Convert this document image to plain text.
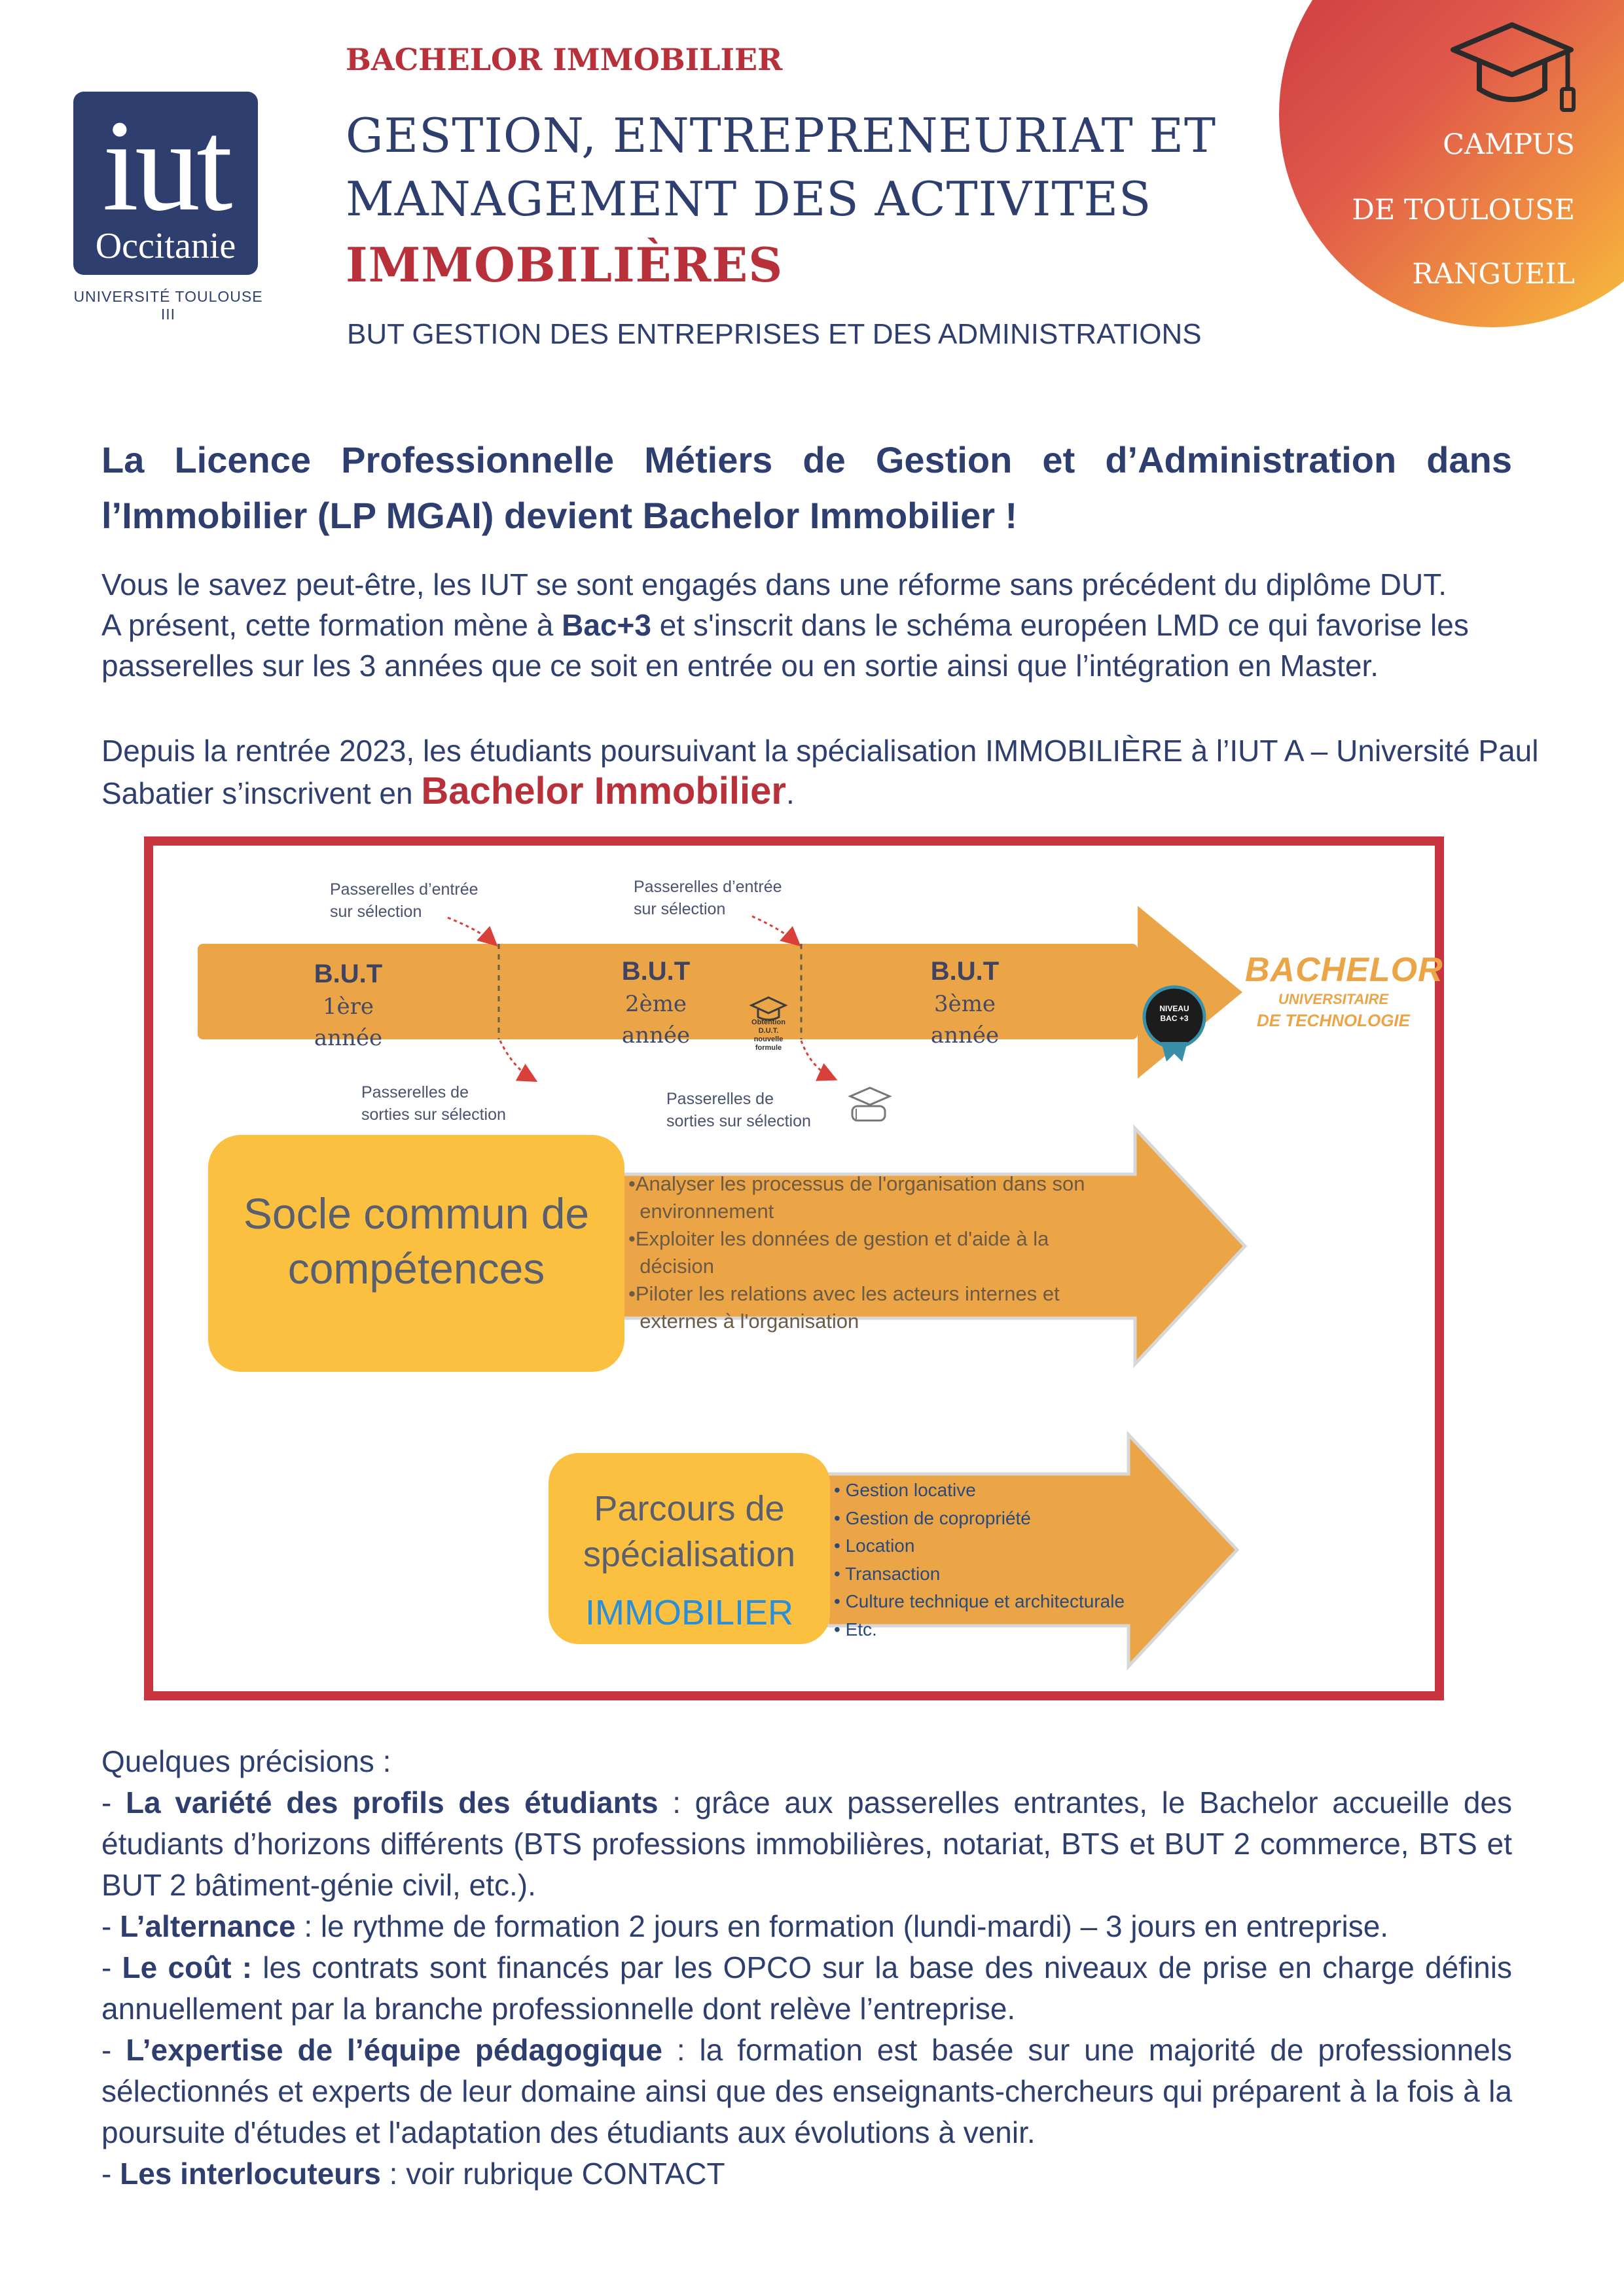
iut
Occitanie
UNIVERSITÉ TOULOUSE III
BACHELOR IMMOBILIER
GESTION, ENTREPRENEURIAT ET
MANAGEMENT DES ACTIVITES
IMMOBILIÈRES
BUT GESTION DES ENTREPRISES ET DES ADMINISTRATIONS
CAMPUS
DE TOULOUSE
RANGUEIL
La Licence Professionnelle Métiers de Gestion et d’Administration dans l’Immobilier (LP MGAI) devient Bachelor Immobilier !
Vous le savez peut-être, les IUT se sont engagés dans une réforme sans précédent du diplôme DUT.
A présent, cette formation mène à Bac+3 et s'inscrit dans le schéma européen LMD ce qui favorise les passerelles sur les 3 années que ce soit en entrée ou en sortie ainsi que l’intégration en Master.
Depuis la rentrée 2023, les étudiants poursuivant la spécialisation IMMOBILIÈRE à l’IUT A – Université Paul Sabatier s’inscrivent en Bachelor Immobilier.
Passerelles d’entrée
sur sélection
Passerelles d’entrée
sur sélection
Passerelles de
sorties sur sélection
Passerelles de
sorties sur sélection
B.U.T
1ère
année
B.U.T
2ème
année
B.U.T
3ème
année
Obtention
D.U.T.
nouvelle
formule
NIVEAU
BAC +3
BACHELOR
UNIVERSITAIRE
DE TECHNOLOGIE
Socle commun de compétences
•Analyser les processus de l'organisation dans son
environnement
•Exploiter les données de gestion et d'aide à la
décision
•Piloter les relations avec les acteurs internes et
externes à l'organisation
Parcours de spécialisation
IMMOBILIER
• Gestion locative
• Gestion de copropriété
• Location
• Transaction
• Culture technique et architecturale
• Etc.

Quelques précisions :

- La variété des profils des étudiants : grâce aux passerelles entrantes, le Bachelor accueille des étudiants d’horizons différents (BTS professions immobilières, notariat, BTS et BUT 2 commerce, BTS et BUT 2 bâtiment-génie civil, etc.).

- L’alternance : le rythme de formation 2 jours en formation (lundi-mardi) – 3 jours en entreprise.

- Le coût : les contrats sont financés par les OPCO sur la base des niveaux de prise en charge définis annuellement par la branche professionnelle dont relève l’entreprise.

- L’expertise de l’équipe pédagogique : la formation est basée sur une majorité de professionnels sélectionnés et experts de leur domaine ainsi que des enseignants-chercheurs qui préparent à la fois à la poursuite d'études et l'adaptation des étudiants aux évolutions à venir.

- Les interlocuteurs : voir rubrique CONTACT
